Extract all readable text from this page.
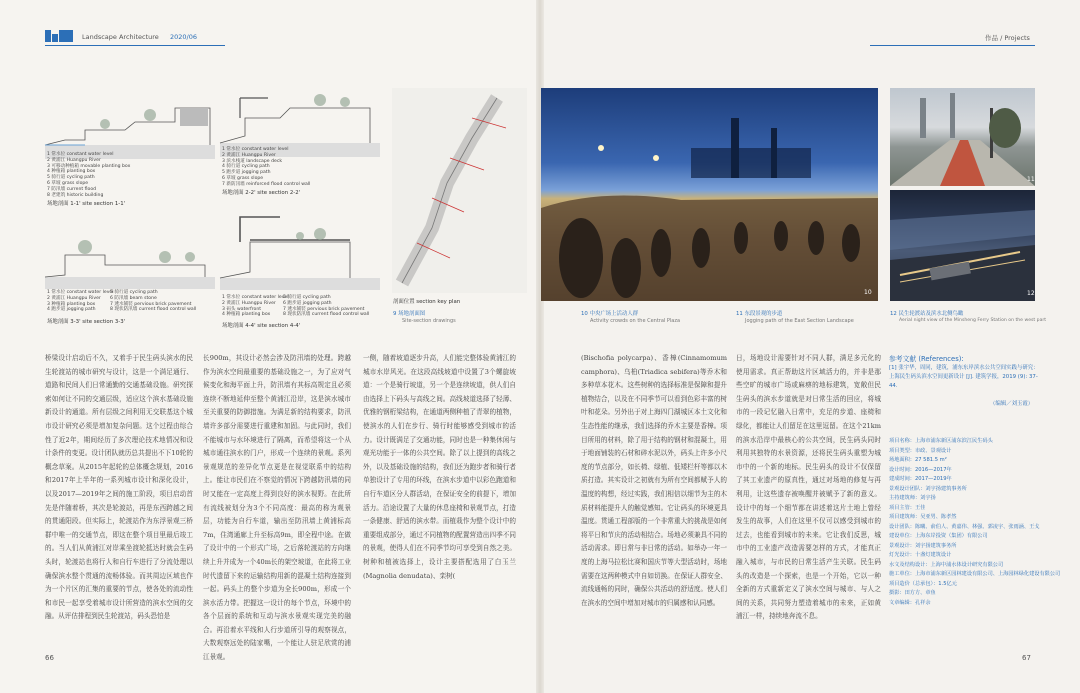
Landscape Architecture 2020/06	作品 / Projects
1 常水位 constant water level
2 黄浦江 Huangpu River
3 可移动种植箱 movable planting box
4 种植箱 planting box
5 骑行道 cycling path
6 草坡 grass slope
7 防汛墙 current flood
8 老建筑 historic building
场地剖面 1-1' site section 1-1'
1 常水位 constant water level
2 黄浦江 Huangpu River
3 滨水栈道 landscape deck
4 骑行道 cycling path
5 跑步道 jogging path
6 草坡 grass slope
7 新防汛墙 reinforced flood control wall
场地剖面 2-2' site section 2-2'
1 常水位 constant water level
2 黄浦江 Huangpu River
3 种植箱 planting box
4 跑步道 jogging path
5 骑行道 cycling path
6 防汛墙 beam stone
7 透水铺装 pervious brick pavement
8 现状防汛墙 current flood control wall
场地剖面 3-3' site section 3-3'
1 常水位 constant water level
2 黄浦江 Huangpu River
3 码头 waterfront
4 种植箱 planting box
5 骑行道 cycling path
6 跑步道 jogging path
7 透水铺装 pervious brick pavement
8 现状防汛墙 current flood control wall
场地剖面 4-4' site section 4-4'
剖面位置 section key plan
9 场地剖面图
Site-section drawings
10
11
12
10 中央广场上活动人群
Activity crowds on the Central Plaza
11 东段景观的步道
Jogging path of the East Section Landscape
12 民生轮渡站及滨水北侧鸟瞰
Aerial night view of the Minsheng Ferry Station on the west part
桥梁设计启动后不久，又着手于民生码头滨水的民生轮渡站的城市研究与设计，这是一个满足通行、道路和民间人们日常通勤的交通基础设施。研究探索如何让不同的交通层级，适应这个滨水基础设施新设计的通道。所有层级之间利用无交联基这个城市设计研究必须是增加复杂问题。这个过程由综合性了近2年，期间经历了多次理论技术地情况和设计条件的变更。设计团队就历总共提出不下10轮的概念草案。从2015年起轮的总体概念规划，2016和2017年上半年的一系列城市设计和深化设计，以及2017—2019年之间的施工阶段，项目启动首先是伴随着桥，其次是轮渡站，再是东西跨越之间的贯通阳段。但实际上，轮渡站作为东浮景观三桥群中唯一的交通节点，即这在整个项目里最后竣工的。当人们从黄浦江对岸乘坐渡轮抵达时就会生码头时，轮渡站也将行人和自行车进行了分流处理以确保滨水整个贯通的流畅体验。而其周边区域也作为一个片区的汇集的重要的节点，使各处的流动性和市民一起享受着城市设计所营造的滨水空间的交融。从评估排程到民生轮渡站，码头恐怕是
长900m，其设计必然会涉及防汛墙的处理。跨越作为滨水空间最重要的基础设施之一，为了应对气候变化和海平面上升，防汛墙有其标高规定且必须连续不断地延伸至整个黄浦江沿岸，这是滨水城市至关重要的防御措施。为满足新的结构要求，防汛墙许多部分需要进行重建和加固。与此同时，我们不能城市与水环境进行了隔离，而希望将这一个从城市通往滨水的门户，形成一个连续的景观。系列景观规范的差异化节点更是在视觉联系中的结构上。能让市民们在不察觉的情况下跨越防汛墙的同时又能在一定高度上得到良好的滨水视野。在此所有流线被划分为3个不同高度：最高的称为观景层，功能为自行车道，输出至防汛墙上黄浦标高7m，住湾通廊上升至标高9m，即全程中途。在做了设计中的一个形式广场，之后落轮渡站的方向继续上升并成为一个40m长的架空坡道，在此将工业时代遗留下来的运输结构用新的混凝土结构连接到一起。码头上的整个步道为全长900m，形成一个滨水活力带。把握这一设计的每个节点，环境中的各个层面的系统和互动与滨水景观实现完美的融合。再沿着水平线和人行步道所引导的观察视点，大数观察远处的陆家嘴，一个能让人驻足欣赏的浦江景观。
一侧，随着坡道逐步升高，人们能完整体验黄浦江的城市水岸风光。在这段高线坡道中设置了3个螺旋坡道：一个是骑行坡道，另一个是连续坡道，供人们自由选择上下码头与高线之间。高线坡道选择了轻薄、优雅的钢桁梁结构，在通道两侧种植了青翠的植物，使滨水的人们在步行、骑行时能够感受到城市的活力。设计既满足了交通功能，同时也是一种集休闲与观光功能于一体的公共空间。除了以上提到的高线之外，以及基础设施的结构，我们还为跑步者和骑行者单独设计了专用的环线，在滨水步道中以彩色跑道和自行车道区分人群活动，在保证安全的前提下，增加活力。沿途设置了大量的休息座椅和景观节点，打造一条健康、舒适的滨水带。而植栽作为整个设计中的重要组成部分，通过不同植物的配置营造出四季不同的景观，使得人们在不同季节均可享受到自然之美。树种和植被选择上，设计主要搭配选用了白玉兰(Magnolia denudata)、栾树(
(Bischofia polycarpa)、香樟(Cinnamomum camphora)、乌桕(Triadica sebifera)等乔木和多种草本花木。这些树种的选择标准是保障和提升植物结合，以及在不同季节可以看到色彩丰富的树叶和花朵。另外出于对上海四门湖城区本土文化和生态性能的继承，我们选择的乔木主要是香樟。项目所用的材料，除了用于结构的钢材和混凝土，用于地面铺装的石材和碎水泥以外，码头上许多小尺度的节点部分，如长椅、绿植、低矮栏杆等都以木质打造。其实设计之初就有为所有空间都赋予人的温度的构想，经过实践，我们相信以细节为主的木质材料能提升人的触觉感知。它让码头的环境更具温度。贯通工程部版的一个非常重大的挑战是如何将平日和节庆的活动相结合。场地必须兼具不同的活动需求。即日常与非日常的活动。如举办一年一度的上海马拉松比赛和国庆节等大型活动时，场地需要在这两种模式中自如切换。在保证人群安全、流线通畅的同时，确保公共活动的舒适度。使人们在滨水的空间中增加对城市的归属感和认同感。
日，场地设计需要针对不同人群，满足多元化的使用需求。真正帮助这片区域活力的，并非是那些空旷的城市广场或麻痹的地标建筑，宽敞但民生码头的滨水步道就是对日常生活的回应，将城市的一段记忆融入日常中，充足的步道、座椅和绿化，都能让人们留足在这里逗留。在这个21km的滨水沿岸中最核心的公共空间，民生码头同时利用其独特的水景资源，还将民生码头重塑为城市中的一个新的地标。民生码头的设计不仅保留了其工业遗产的原真性，通过对场地的修复与再利用，让这些遗存被唤醒并被赋予了新的意义。设计中的每一个细节都在讲述着这片土地上曾经发生的故事，人们在这里不仅可以感受到城市的过去，也能看到城市的未来。它让我们反思，城市中的工业遗产改造需要怎样的方式，才能真正融入城市，与市民的日常生活产生关联。民生码头的改造是一个探索，也是一个开始，它以一种全新的方式重新定义了滨水空间与城市、与人之间的关系，共同努力塑造着城市的未来，正如黄浦江一样，持续地奔流不息。
参考文献 (References):
[1] 张宇华，周同，建筑，浦东东岸滨水公共空间实践与研究：上海民生码头滨水空间更新设计 [J]. 建筑学报，2019 (9): 37-44.
（编辑／刘玉霞）
项目名称：上海市浦东新区浦东滨江民生码头
项目类型：市政、景观设计
场地面积：27 581.5 m²
设计时间：2016—2017年
建成时间：2017—2019年
景观设计团队：刘宇扬建筑事务所
主持建筑师：刘宇扬
项目主管：王佳
项目建筑师：吴亚男、陈孝然
设计团队：陈曦、俞伯人、黄嘉伟、林强、郭凌宇、张雨涵、王戈
建设单位：上海东岸投资（集团）有限公司
景观设计：刘宇扬建筑事务所
灯光设计：十盏灯建筑设计
水文及结构设计：上海中浦水体设计研究有限公司
施工单位：上海市浦东新区园林建设有限公司、上海园林绿化建设有限公司
项目造价（总承包）：1.5亿元
摄影：田方方、章鱼
文章编辑：孔祥余
66	67
